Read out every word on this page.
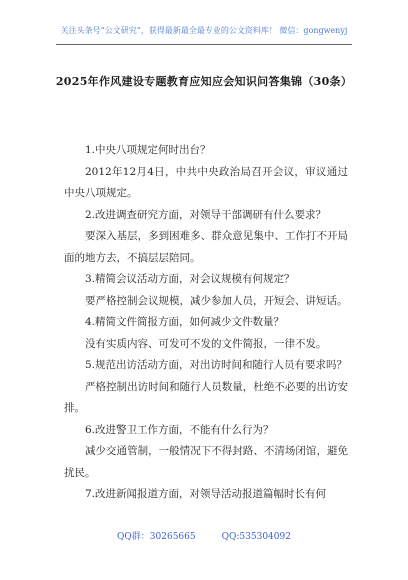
关注头条号“公文研究”，获得最新最全最专业的公文资料库！ 微信：gongwenyj
2025年作风建设专题教育应知应会知识问答集锦（30条）

1.中央八项规定何时出台？

2012年12月4日，中共中央政治局召开会议，审议通过中央八项规定。

2.改进调查研究方面，对领导干部调研有什么要求？

要深入基层，多到困难多、群众意见集中、工作打不开局面的地方去，不搞层层陪同。

3.精简会议活动方面，对会议规模有何规定？

要严格控制会议规模，减少参加人员，开短会、讲短话。

4.精简文件简报方面，如何减少文件数量？

没有实质内容、可发可不发的文件简报，一律不发。

5.规范出访活动方面，对出访时间和随行人员有要求吗？

严格控制出访时间和随行人员数量，杜绝不必要的出访安排。

6.改进警卫工作方面，不能有什么行为？

减少交通管制，一般情况下不得封路、不清场闭馆，避免扰民。

7.改进新闻报道方面，对领导活动报道篇幅时长有何

QQ群：30265665	QQ:535304092
